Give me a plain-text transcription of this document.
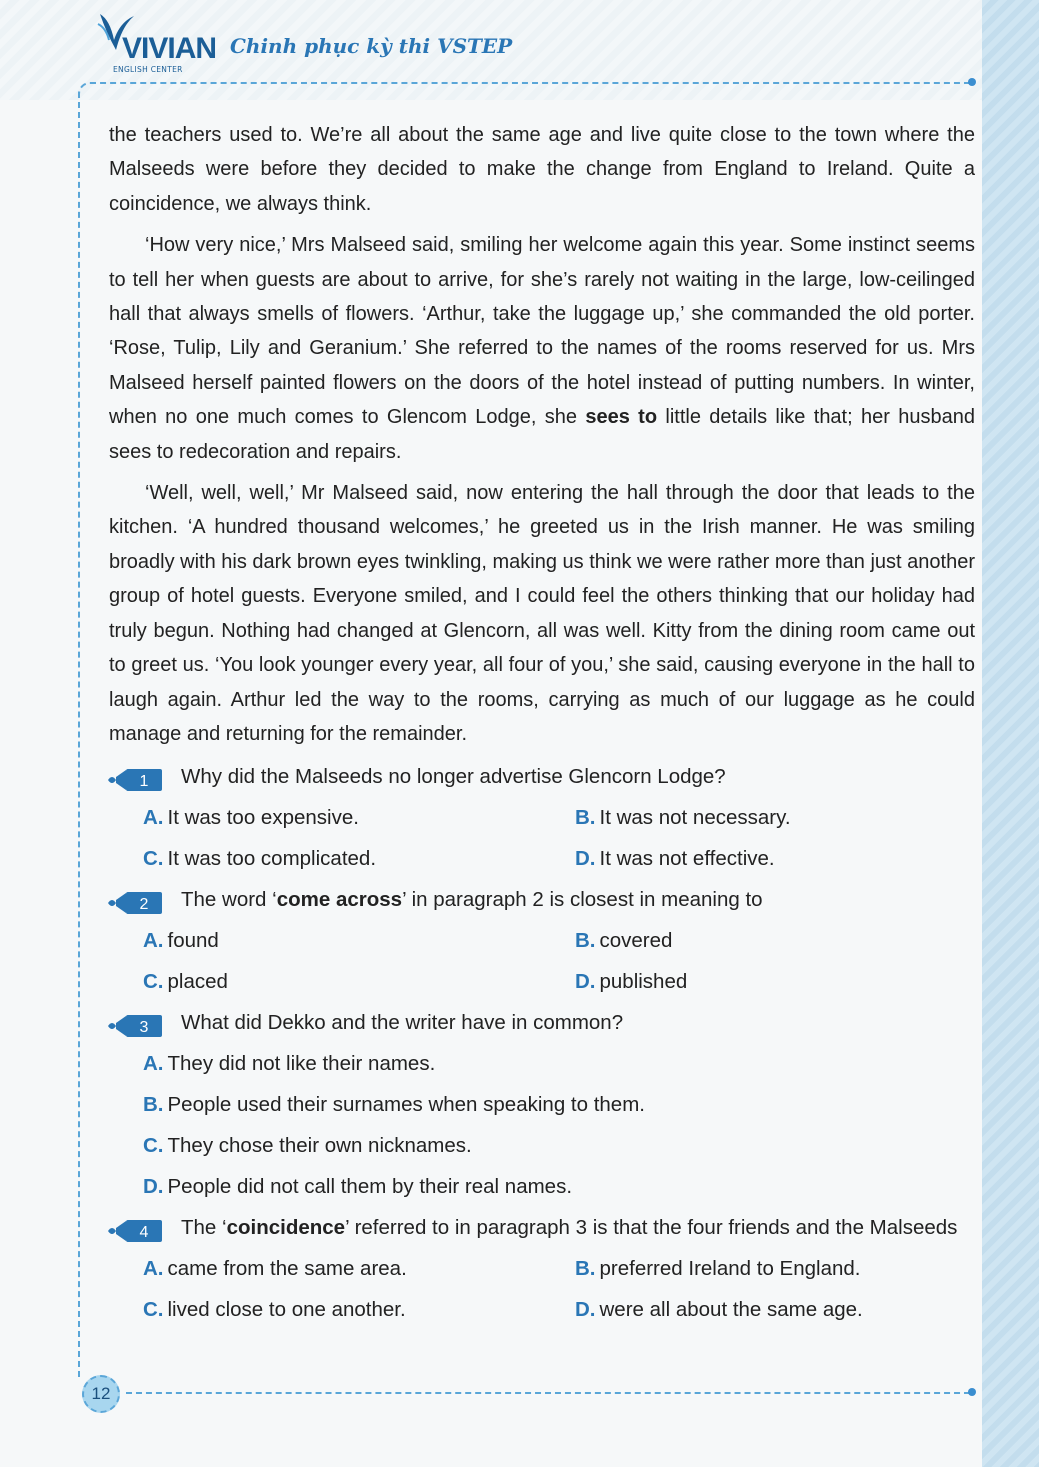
VIVIAN
ENGLISH CENTER
Chinh phục kỳ thi VSTEP
12

the teachers used to. We’re all about the same age and live quite close to the town where the Malseeds were before they decided to make the change from England to Ireland. Quite a coincidence, we always think.

‘How very nice,’ Mrs Malseed said, smiling her welcome again this year. Some instinct seems to tell her when guests are about to arrive, for she’s rarely not waiting in the large, low-ceilinged hall that always smells of flowers. ‘Arthur, take the luggage up,’ she commanded the old porter. ‘Rose, Tulip, Lily and Geranium.’ She referred to the names of the rooms reserved for us. Mrs Malseed herself painted flowers on the doors of the hotel instead of putting numbers. In winter, when no one much comes to Glencom Lodge, she sees to little details like that; her husband sees to redecoration and repairs.

‘Well, well, well,’ Mr Malseed said, now entering the hall through the door that leads to the kitchen. ‘A hundred thousand welcomes,’ he greeted us in the Irish manner. He was smiling broadly with his dark brown eyes twinkling, making us think we were rather more than just another group of hotel guests. Everyone smiled, and I could feel the others thinking that our holiday had truly begun. Nothing had changed at Glencorn, all was well. Kitty from the dining room came out to greet us. ‘You look younger every year, all four of you,’ she said, causing everyone in the hall to laugh again. Arthur led the way to the rooms, carrying as much of our luggage as he could manage and returning for the remainder.

1 Why did the Malseeds no longer advertise Glencorn Lodge?
A. It was too expensive.	B. It was not necessary.
C. It was too complicated.	D. It was not effective.
2 The word ‘come across’ in paragraph 2 is closest in meaning to
A. found	B. covered
C. placed	D. published
3 What did Dekko and the writer have in common?
A. They did not like their names.
B. People used their surnames when speaking to them.
C. They chose their own nicknames.
D. People did not call them by their real names.
4 The ‘coincidence’ referred to in paragraph 3 is that the four friends and the Malseeds
A. came from the same area.	B. preferred Ireland to England.
C. lived close to one another.	D. were all about the same age.
